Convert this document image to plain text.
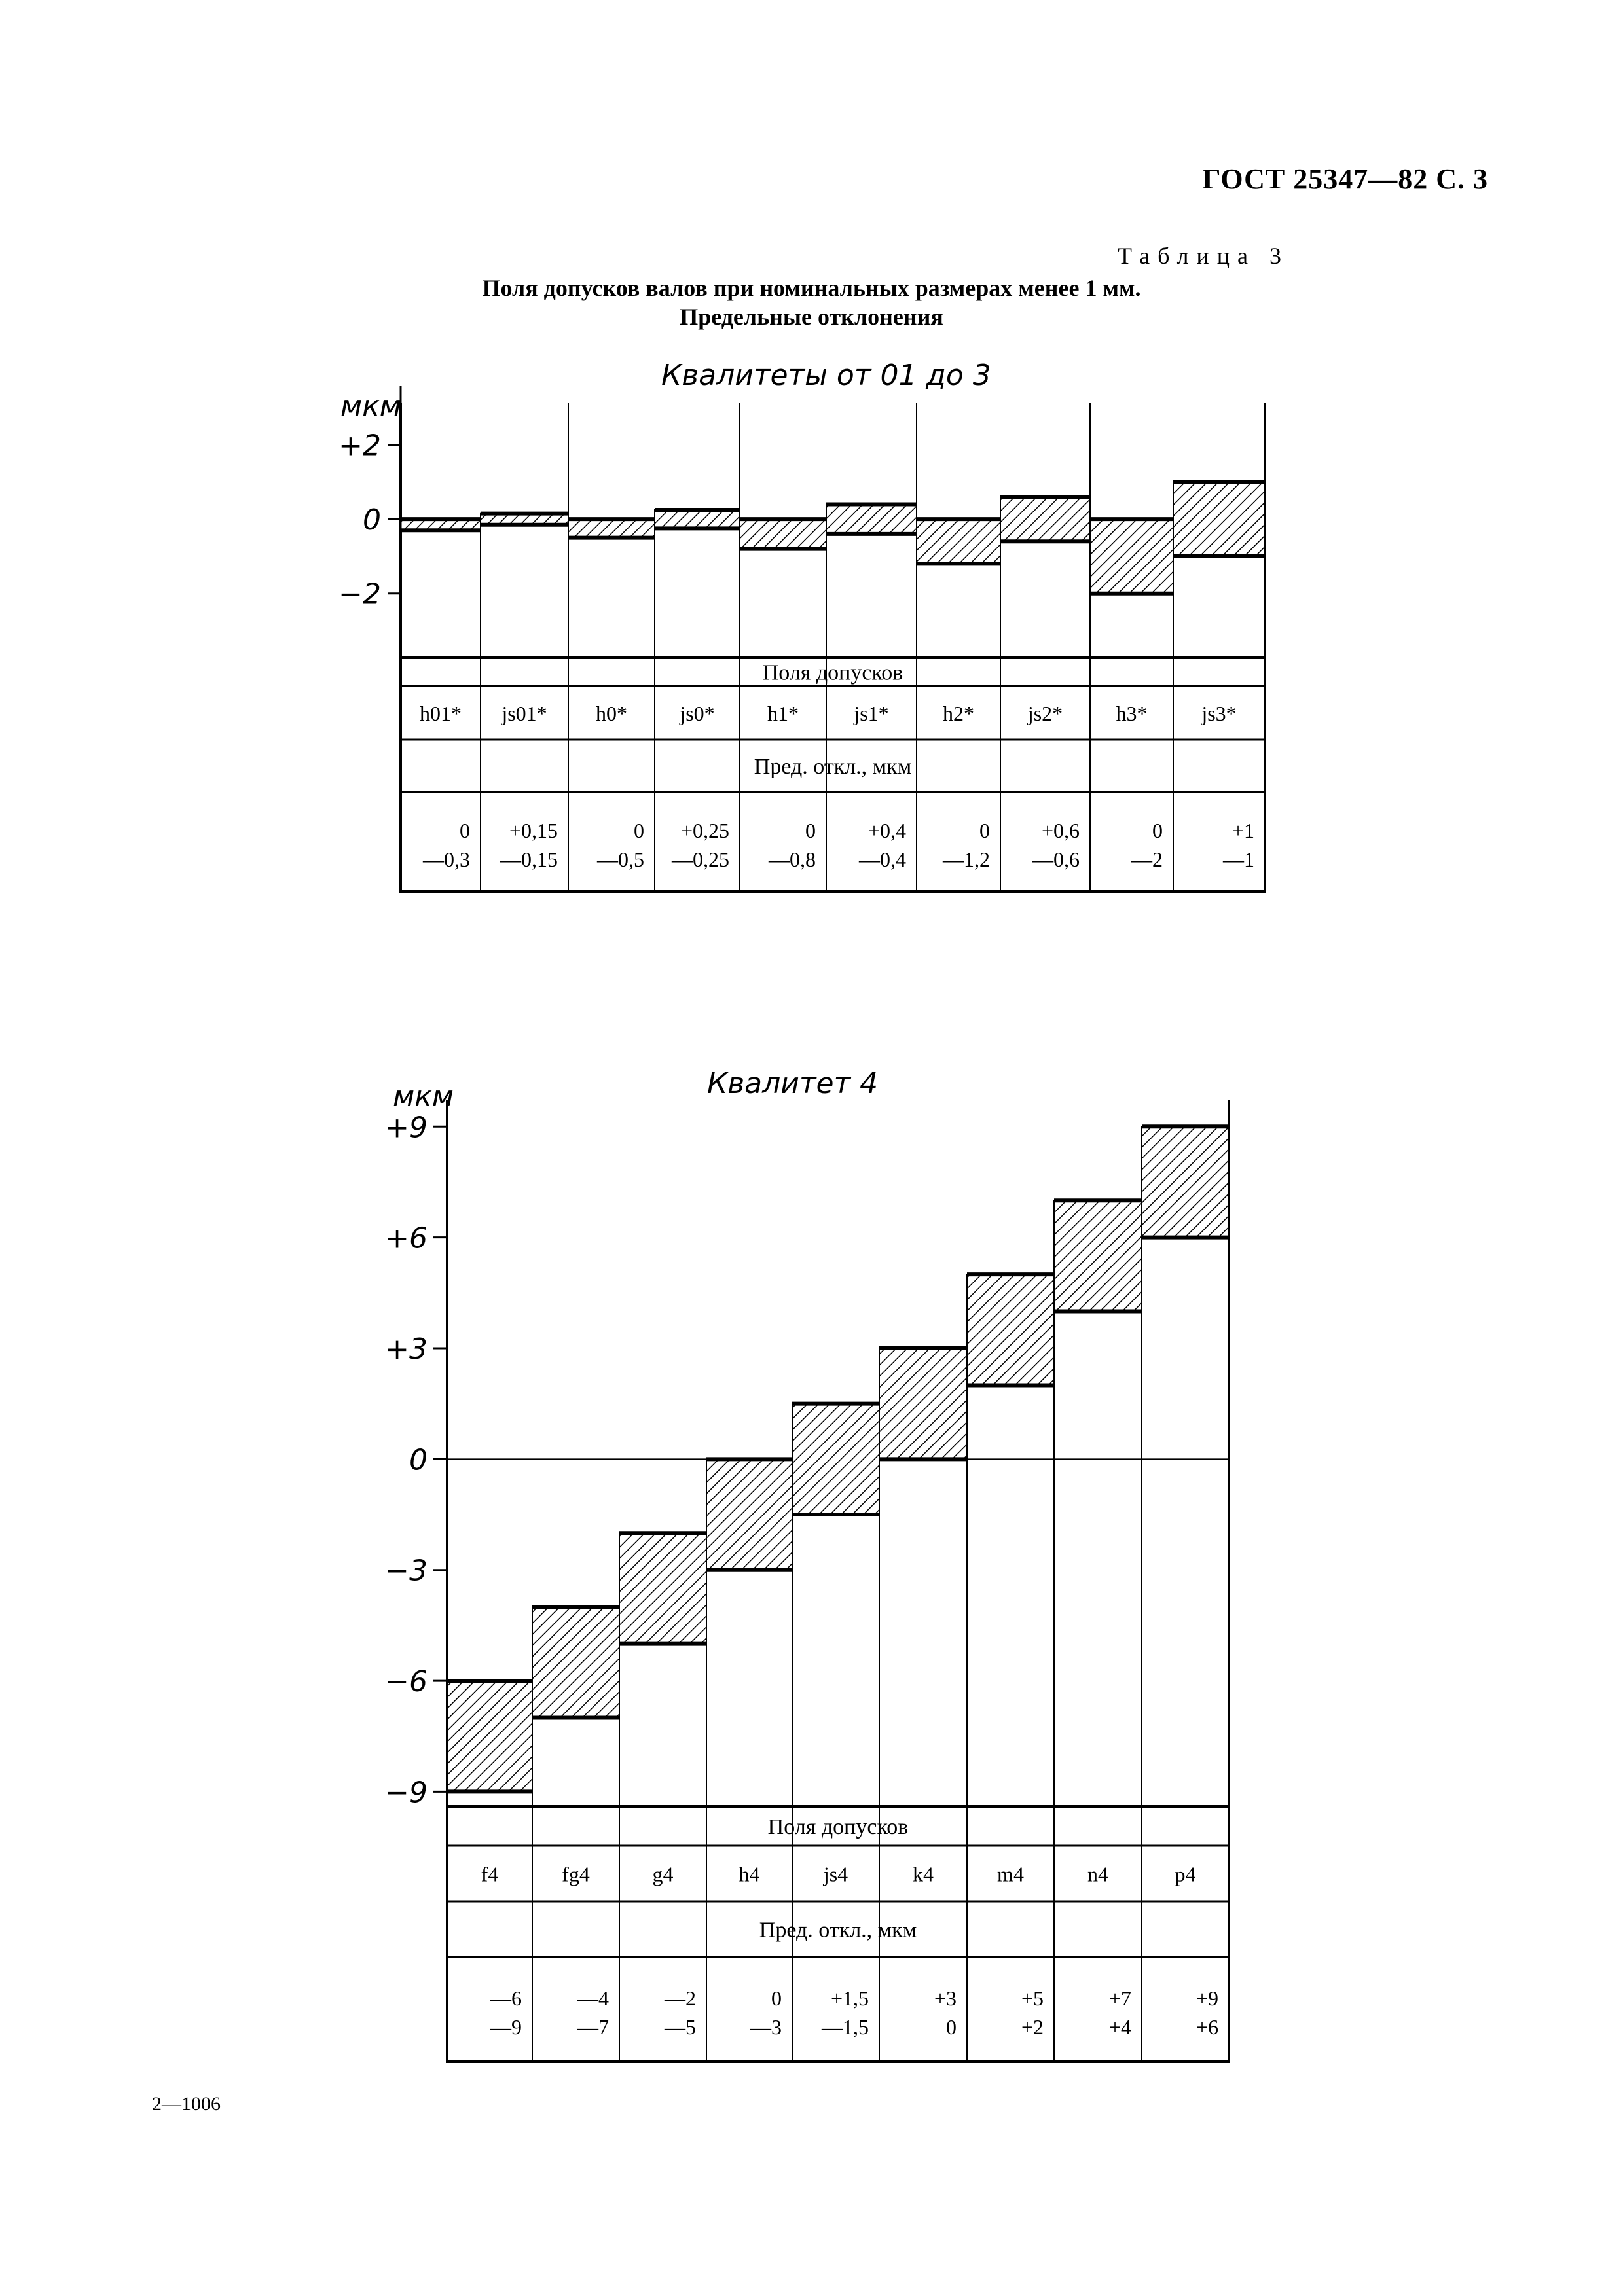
ГОСТ 25347—82 С. 3
Таблица 3
Поля допусков валов при номинальных размерах менее 1 мм.
Предельные отклонения
Квалитеты от 01 до 3
Квалитет 4
мкм
+2
0
−2
Поля допусков
Пред. откл., мкм
h01*
0
—0,3
js01*
+0,15
—0,15
h0*
0
—0,5
js0*
+0,25
—0,25
h1*
0
—0,8
js1*
+0,4
—0,4
h2*
0
—1,2
js2*
+0,6
—0,6
h3*
0
—2
js3*
+1
—1
мкм
+9
+6
+3
0
−3
−6
−9
Поля допусков
Пред. откл., мкм
f4
—6
—9
fg4
—4
—7
g4
—2
—5
h4
0
—3
js4
+1,5
—1,5
k4
+3
0
m4
+5
+2
n4
+7
+4
p4
+9
+6
2—1006
